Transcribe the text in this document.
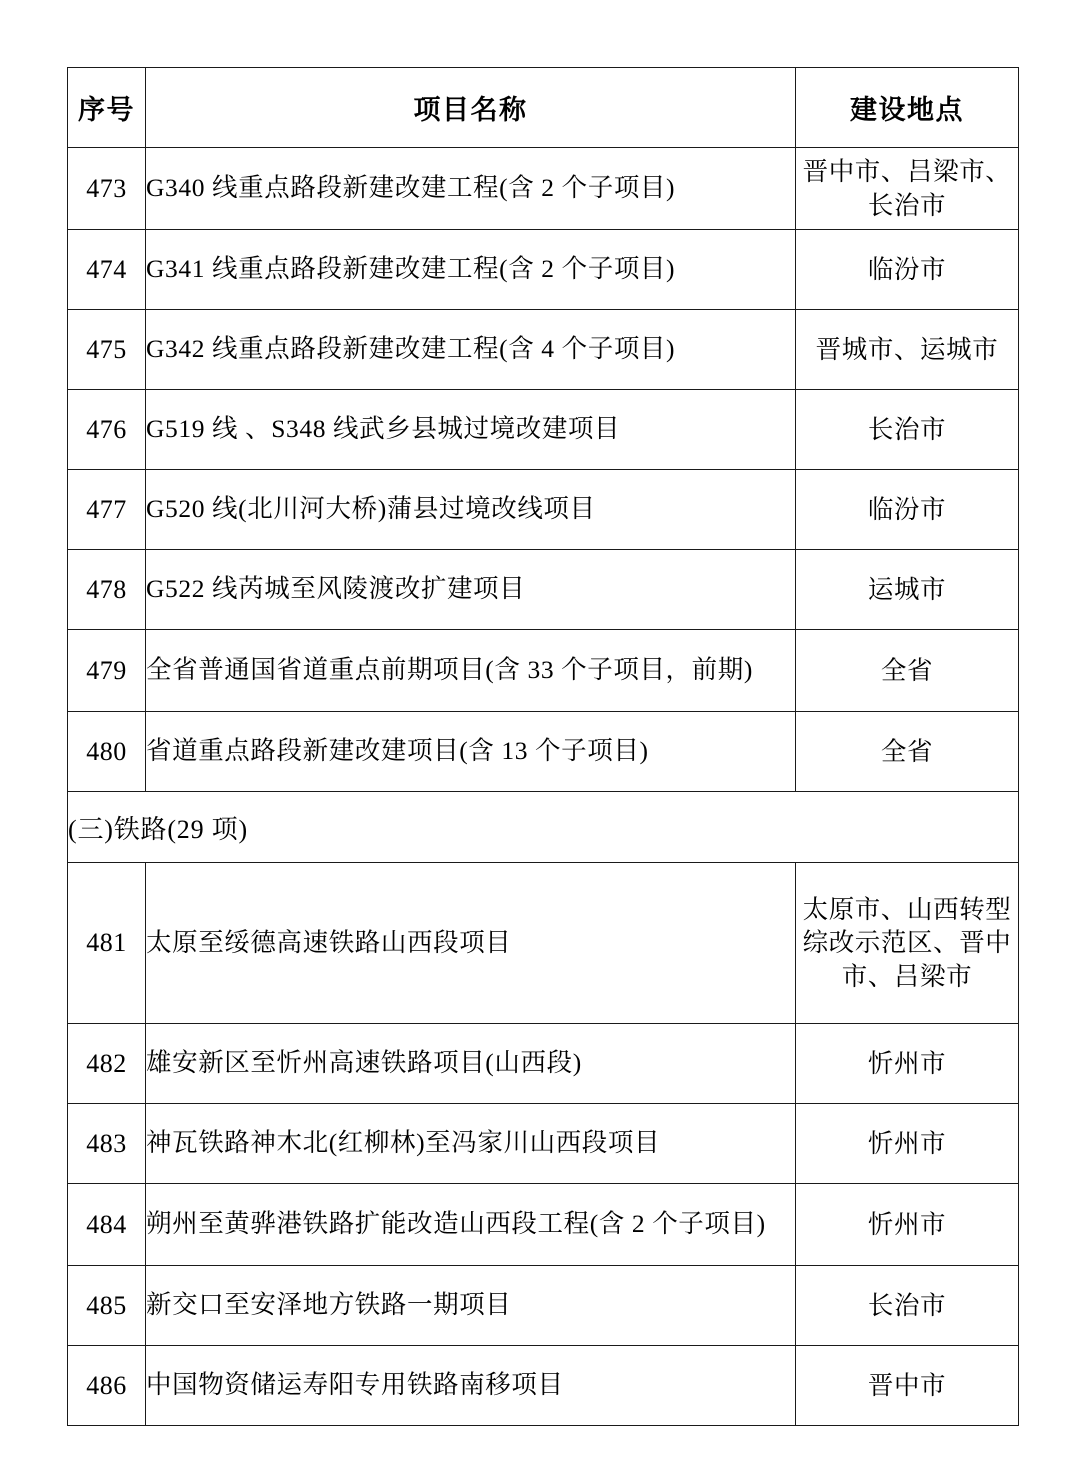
序号	项目名称	建设地点
473	G340 线重点路段新建改建工程(含 2 个子项目)	晋中市、吕梁市、长治市
474	G341 线重点路段新建改建工程(含 2 个子项目)	临汾市
475	G342 线重点路段新建改建工程(含 4 个子项目)	晋城市、运城市
476	G519 线 、S348 线武乡县城过境改建项目	长治市
477	G520 线(北川河大桥)蒲县过境改线项目	临汾市
478	G522 线芮城至风陵渡改扩建项目	运城市
479	全省普通国省道重点前期项目(含 33 个子项目，前期)	全省
480	省道重点路段新建改建项目(含 13 个子项目)	全省
(三)铁路(29 项)		
481	太原至绥德高速铁路山西段项目	太原市、山西转型综改示范区、晋中市、吕梁市
482	雄安新区至忻州高速铁路项目(山西段)	忻州市
483	神瓦铁路神木北(红柳林)至冯家川山西段项目	忻州市
484	朔州至黄骅港铁路扩能改造山西段工程(含 2 个子项目)	忻州市
485	新交口至安泽地方铁路一期项目	长治市
486	中国物资储运寿阳专用铁路南移项目	晋中市
